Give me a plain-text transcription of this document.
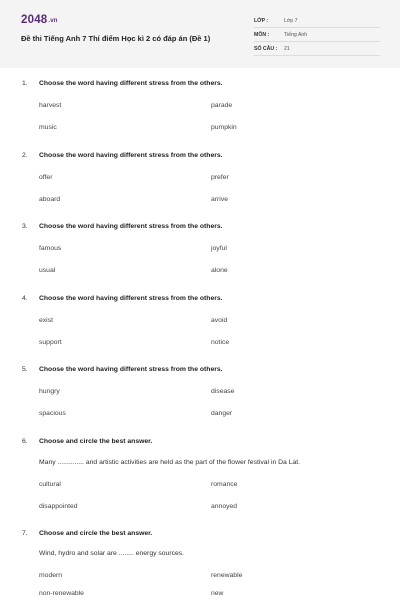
2048.vn
Đề thi Tiếng Anh 7 Thí điểm Học kì 2 có đáp án (Đề 1)
LỚP :	Lớp 7
MÔN :	Tiếng Anh
SỐ CÂU : 21
1. Choose the word having different stress from the others.
harvest	parade
music	pumpkin
2. Choose the word having different stress from the others.
offer	prefer
aboard	arrive
3. Choose the word having different stress from the others.
famous	joyful
usual	alone
4. Choose the word having different stress from the others.
exist	avoid
support	notice
5. Choose the word having different stress from the others.
hungry	disease
spacious	danger
6. Choose and circle the best answer.
Many .............. and artistic activities are held as the part of the flower festival in Da Lat.
cultural	romance
disappointed	annoyed
7. Choose and circle the best answer.
Wind, hydro and solar are ........ energy sources.
modern	renewable
non-renewable	new
